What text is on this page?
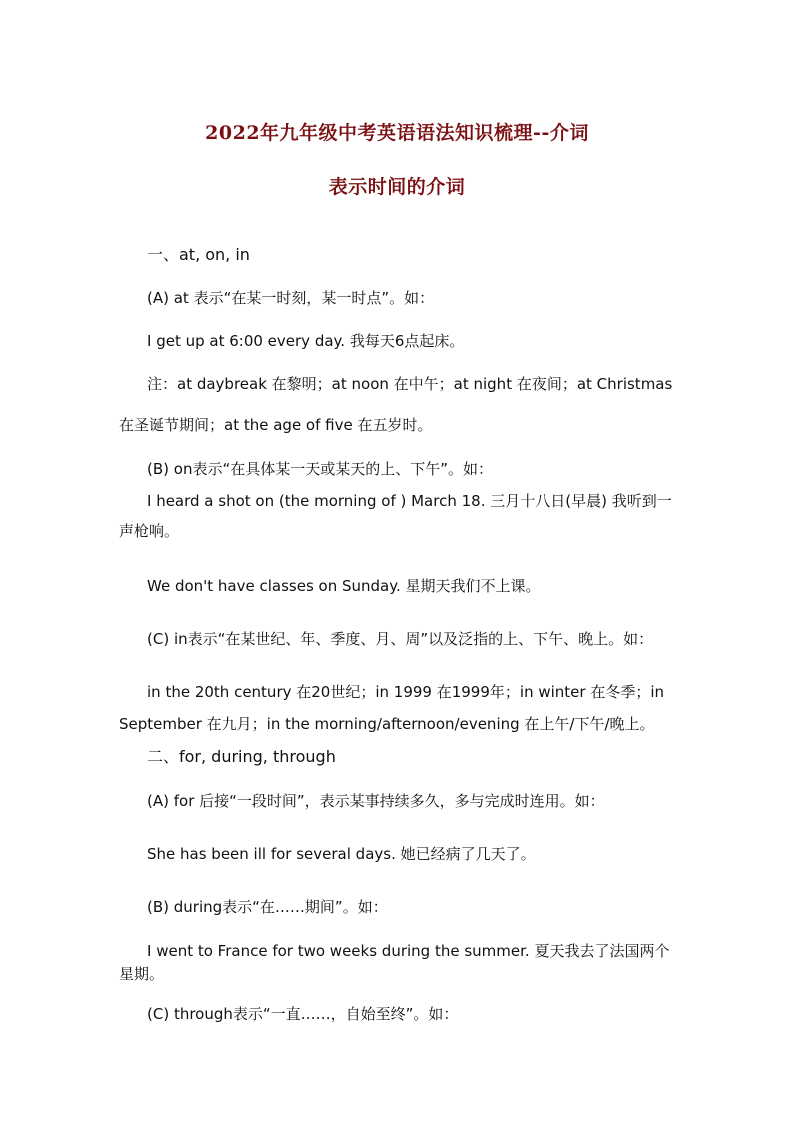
2022年九年级中考英语语法知识梳理--介词
表示时间的介词
一、at, on, in
(A) at 表示“在某一时刻，某一时点”。如：
I get up at 6:00 every day. 我每天6点起床。
注：at daybreak 在黎明；at noon 在中午；at night 在夜间；at Christmas
在圣诞节期间；at the age of five 在五岁时。
(B) on表示“在具体某一天或某天的上、下午”。如：
I heard a shot on (the morning of ) March 18. 三月十八日(早晨) 我听到一
声枪响。
We don't have classes on Sunday. 星期天我们不上课。
(C) in表示“在某世纪、年、季度、月、周”以及泛指的上、下午、晚上。如：
in the 20th century 在20世纪；in 1999 在1999年；in winter 在冬季；in
September 在九月；in the morning/afternoon/evening 在上午/下午/晚上。
二、for, during, through
(A) for 后接“一段时间”，表示某事持续多久，多与完成时连用。如：
She has been ill for several days. 她已经病了几天了。
(B) during表示“在……期间”。如：
I went to France for two weeks during the summer. 夏天我去了法国两个
星期。
(C) through表示“一直……，自始至终”。如：
